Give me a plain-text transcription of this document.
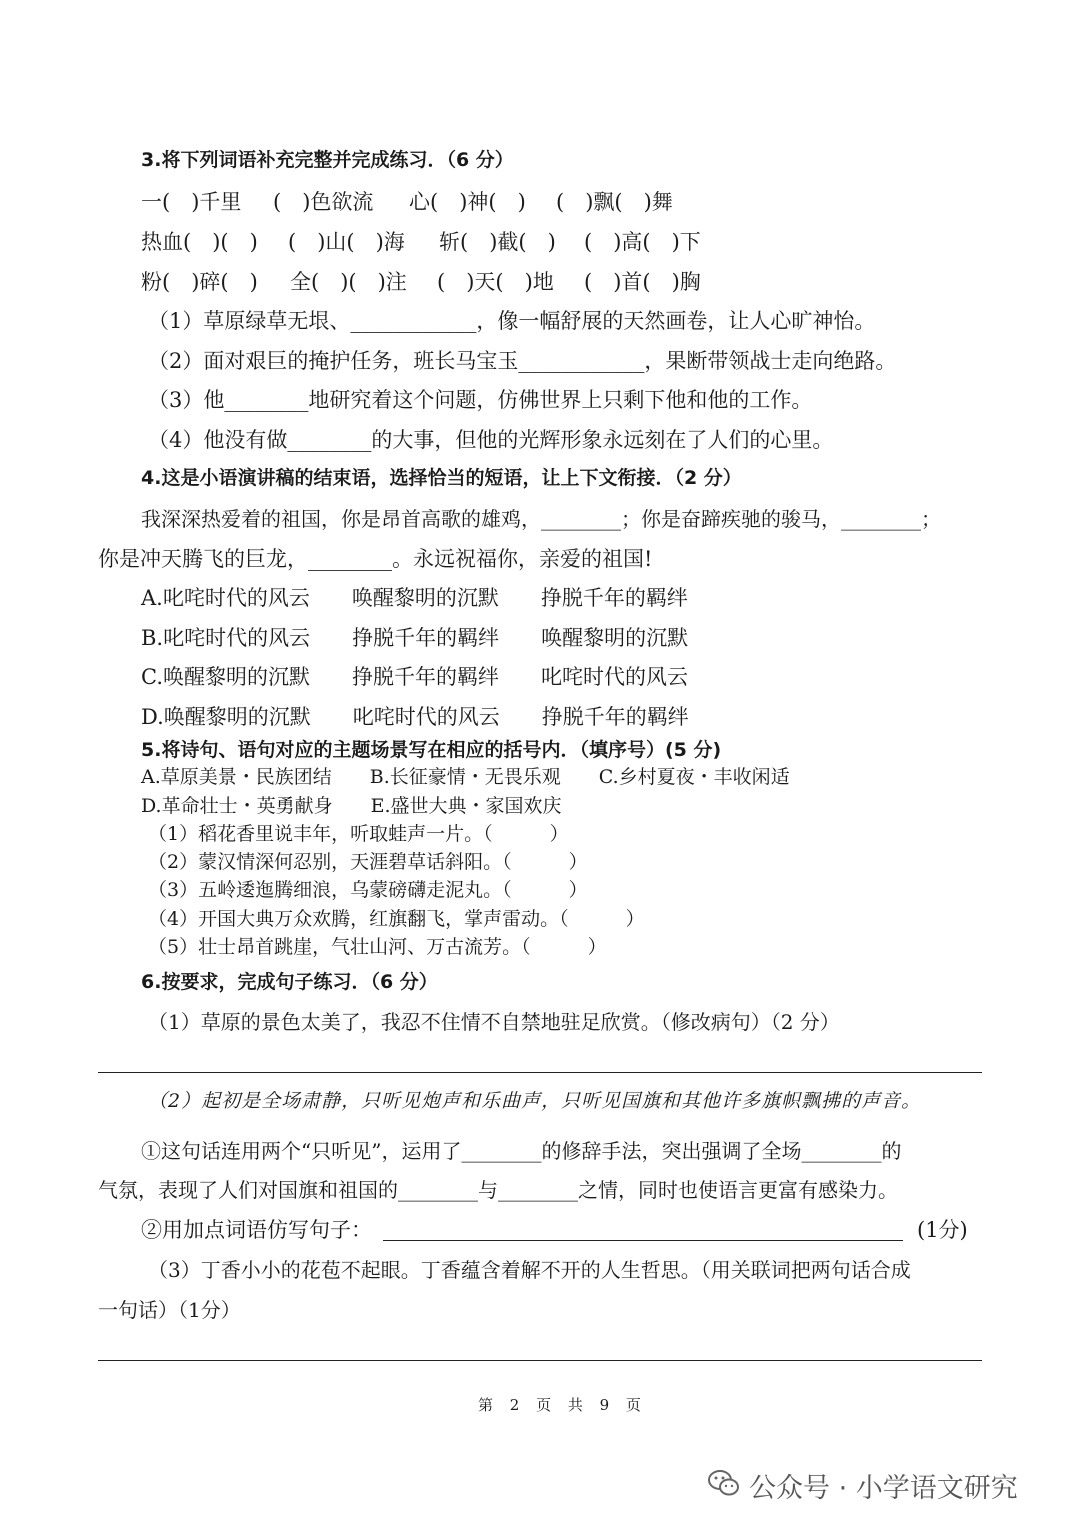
3.将下列词语补充完整并完成练习．（6 分）
一(　)千里 (　)色欲流 心(　)神(　) (　)飘(　)舞
热血(　)(　) (　)山(　)海 斩(　)截(　) (　)高(　)下
粉(　)碎(　) 全(　)(　)注 (　)天(　)地 (　)首(　)胸
（1）草原绿草无垠、____________，像一幅舒展的天然画卷，让人心旷神怡。
（2）面对艰巨的掩护任务，班长马宝玉____________，果断带领战士走向绝路。
（3）他________地研究着这个问题，仿佛世界上只剩下他和他的工作。
（4）他没有做________的大事，但他的光辉形象永远刻在了人们的心里。
4.这是小语演讲稿的结束语，选择恰当的短语，让上下文衔接．（2 分）
我深深热爱着的祖国，你是昂首高歌的雄鸡，________；你是奋蹄疾驰的骏马，________；
你是冲天腾飞的巨龙，________。永远祝福你，亲爱的祖国!
A.叱咤时代的风云　　唤醒黎明的沉默　　挣脱千年的羁绊
B.叱咤时代的风云　　挣脱千年的羁绊　　唤醒黎明的沉默
C.唤醒黎明的沉默　　挣脱千年的羁绊　　叱咤时代的风云
D.唤醒黎明的沉默　　叱咤时代的风云　　挣脱千年的羁绊
5.将诗句、语句对应的主题场景写在相应的括号内．（填序号）(5 分)
A.草原美景・民族团结　　B.长征豪情・无畏乐观　　C.乡村夏夜・丰收闲适
D.革命壮士・英勇献身　　E.盛世大典・家国欢庆
（1）稻花香里说丰年，听取蛙声一片。（　　　）
（2）蒙汉情深何忍别，天涯碧草话斜阳。（　　　）
（3）五岭逶迤腾细浪，乌蒙磅礴走泥丸。（　　　）
（4）开国大典万众欢腾，红旗翻飞，掌声雷动。（　　　）
（5）壮士昂首跳崖，气壮山河、万古流芳。（　　　）
6.按要求，完成句子练习．（6 分）
（1）草原的景色太美了，我忍不住情不自禁地驻足欣赏。（修改病句）（2 分）
（2）起初是全场肃静，只听见炮声和乐曲声，只听见国旗和其他许多旗帜飘拂的声音。
①这句话连用两个“只听见”，运用了________的修辞手法，突出强调了全场________的
气氛，表现了人们对国旗和祖国的________与________之情，同时也使语言更富有感染力。
②用加点词语仿写句子：	(1分)
（3）丁香小小的花苞不起眼。丁香蕴含着解不开的人生哲思。（用关联词把两句话合成
一句话）（1分）
第 2 页 共 9 页
公众号 · 小学语文研究
